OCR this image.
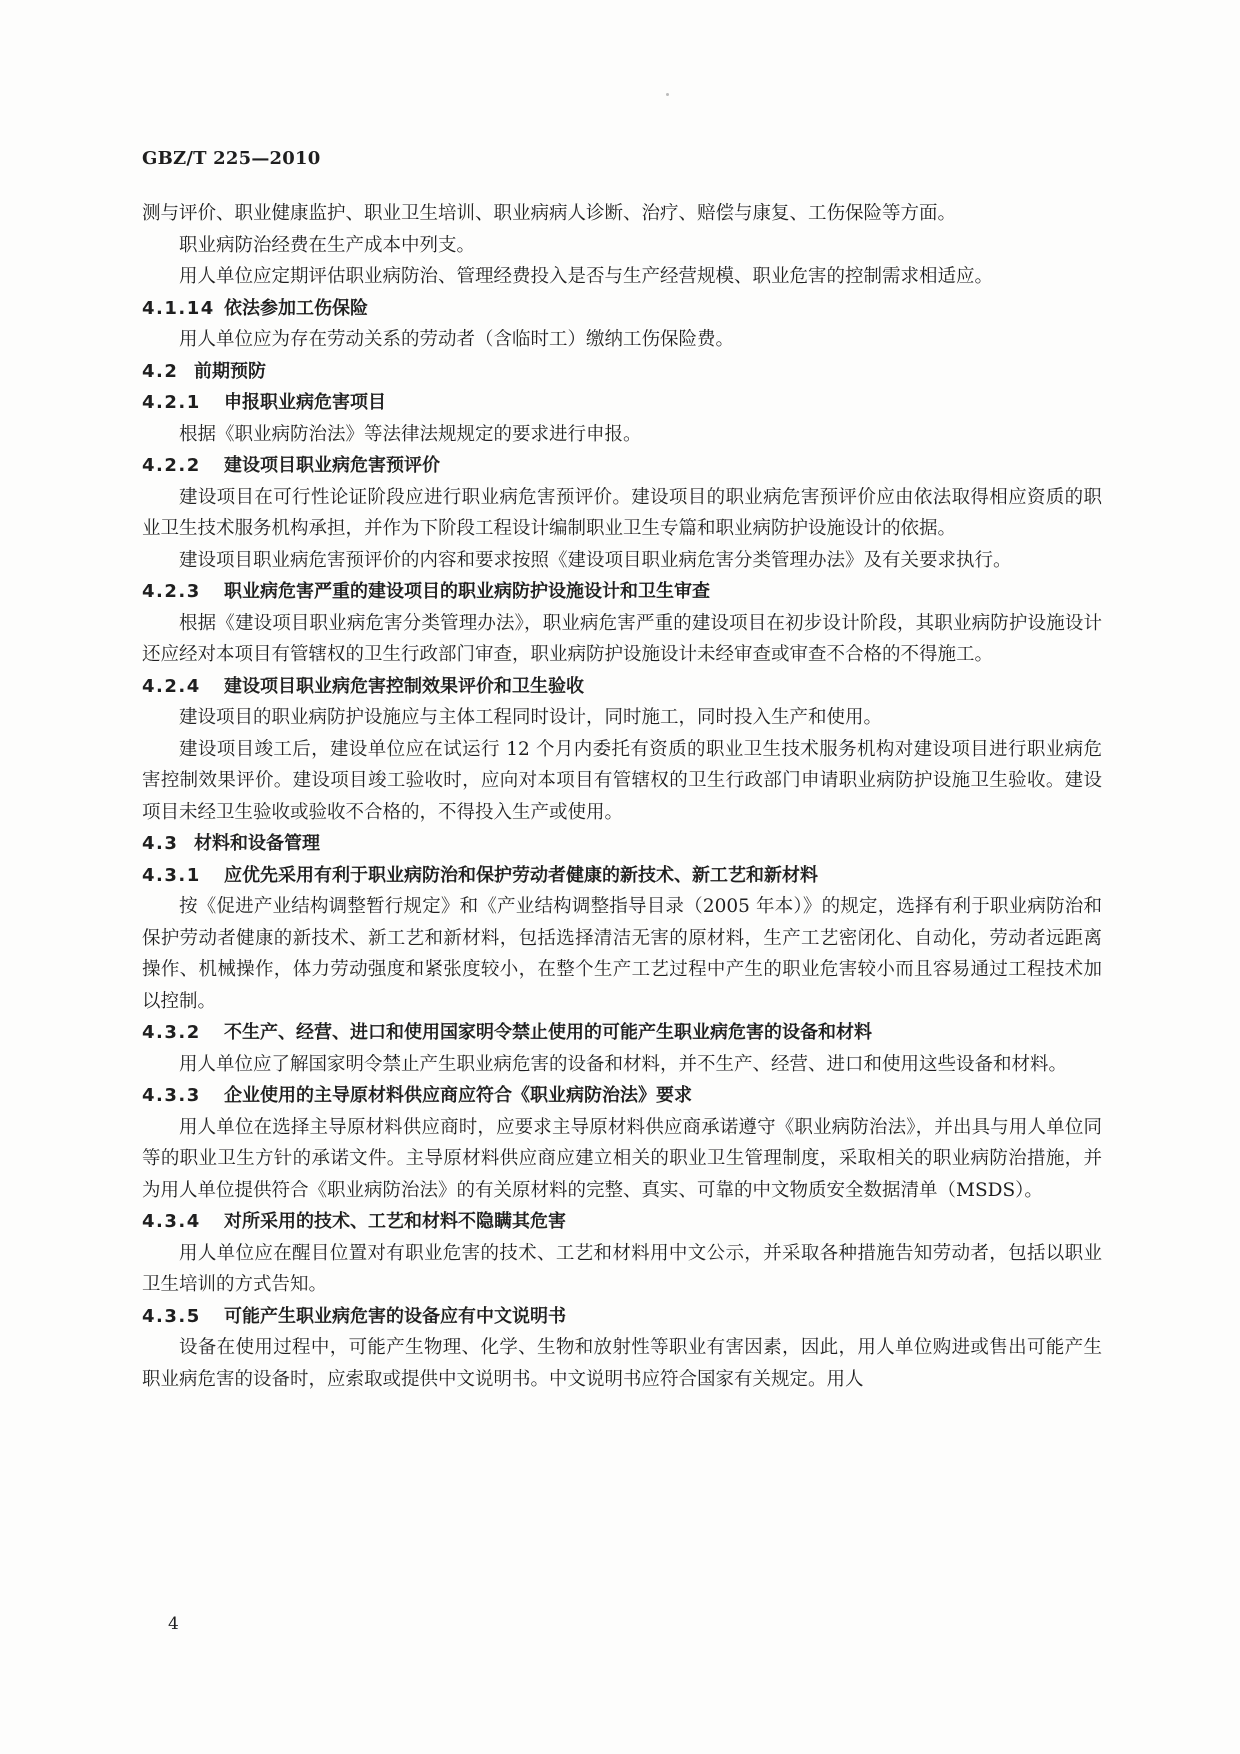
GBZ/T 225—2010

测与评价、职业健康监护、职业卫生培训、职业病病人诊断、治疗、赔偿与康复、工伤保险等方面。

职业病防治经费在生产成本中列支。

用人单位应定期评估职业病防治、管理经费投入是否与生产经营规模、职业危害的控制需求相适应。

4.1.14 依法参加工伤保险

用人单位应为存在劳动关系的劳动者（含临时工）缴纳工伤保险费。

4.2 前期预防
4.2.1 申报职业病危害项目

根据《职业病防治法》等法律法规规定的要求进行申报。

4.2.2 建设项目职业病危害预评价

建设项目在可行性论证阶段应进行职业病危害预评价。建设项目的职业病危害预评价应由依法取得相应资质的职业卫生技术服务机构承担，并作为下阶段工程设计编制职业卫生专篇和职业病防护设施设计的依据。

建设项目职业病危害预评价的内容和要求按照《建设项目职业病危害分类管理办法》及有关要求执行。

4.2.3 职业病危害严重的建设项目的职业病防护设施设计和卫生审查

根据《建设项目职业病危害分类管理办法》，职业病危害严重的建设项目在初步设计阶段，其职业病防护设施设计还应经对本项目有管辖权的卫生行政部门审查，职业病防护设施设计未经审查或审查不合格的不得施工。

4.2.4 建设项目职业病危害控制效果评价和卫生验收

建设项目的职业病防护设施应与主体工程同时设计，同时施工，同时投入生产和使用。

建设项目竣工后，建设单位应在试运行 12 个月内委托有资质的职业卫生技术服务机构对建设项目进行职业病危害控制效果评价。建设项目竣工验收时，应向对本项目有管辖权的卫生行政部门申请职业病防护设施卫生验收。建设项目未经卫生验收或验收不合格的，不得投入生产或使用。

4.3 材料和设备管理
4.3.1 应优先采用有利于职业病防治和保护劳动者健康的新技术、新工艺和新材料

按《促进产业结构调整暂行规定》和《产业结构调整指导目录（2005 年本）》的规定，选择有利于职业病防治和保护劳动者健康的新技术、新工艺和新材料，包括选择清洁无害的原材料，生产工艺密闭化、自动化，劳动者远距离操作、机械操作，体力劳动强度和紧张度较小，在整个生产工艺过程中产生的职业危害较小而且容易通过工程技术加以控制。

4.3.2 不生产、经营、进口和使用国家明令禁止使用的可能产生职业病危害的设备和材料

用人单位应了解国家明令禁止产生职业病危害的设备和材料，并不生产、经营、进口和使用这些设备和材料。

4.3.3 企业使用的主导原材料供应商应符合《职业病防治法》要求

用人单位在选择主导原材料供应商时，应要求主导原材料供应商承诺遵守《职业病防治法》，并出具与用人单位同等的职业卫生方针的承诺文件。主导原材料供应商应建立相关的职业卫生管理制度，采取相关的职业病防治措施，并为用人单位提供符合《职业病防治法》的有关原材料的完整、真实、可靠的中文物质安全数据清单（MSDS）。

4.3.4 对所采用的技术、工艺和材料不隐瞒其危害

用人单位应在醒目位置对有职业危害的技术、工艺和材料用中文公示，并采取各种措施告知劳动者，包括以职业卫生培训的方式告知。

4.3.5 可能产生职业病危害的设备应有中文说明书

设备在使用过程中，可能产生物理、化学、生物和放射性等职业有害因素，因此，用人单位购进或售出可能产生职业病危害的设备时，应索取或提供中文说明书。中文说明书应符合国家有关规定。用人

4
